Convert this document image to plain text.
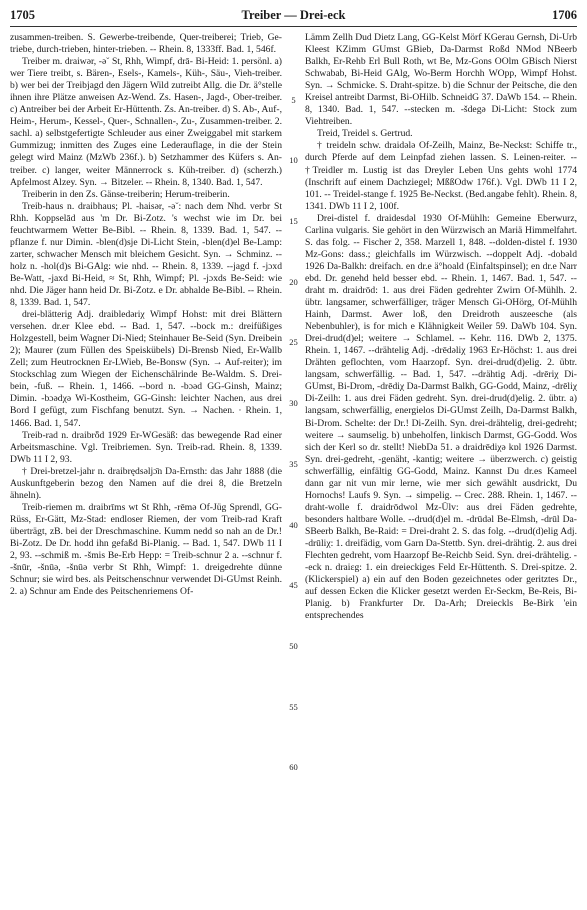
1705	Treiber — Drei-eck	1706

zusammen-treiben. S. Gewerbe-treibende, Quer-treiberei; Trieb, Ge-triebe, durch-trieben, hinter-trieben. -- Rhein. 8, 1333ff. Bad. 1, 546f.

Treiber m. draiwər, -ə˘ St, Rhh, Wimpf, drā- Bi-Heid: 1. persönl. a) wer Tiere treibt, s. Bären-, Esels-, Kamels-, Küh-, Säu-, Vieh-treiber. b) wer bei der Treibjagd den Jägern Wild zutreibt Allg. die Dr. ä°stelle ihnen ihre Plätze anweisen Az-Wend. Zs. Hasen-, Jagd-, Ober-treiber. c) Antreiber bei der Arbeit Er-Hüttenth. Zs. An-treiber. d) S. Ab-, Auf-, Heim-, Herum-, Kessel-, Quer-, Schnallen-, Zu-, Zusammen-treiber. 2. sachl. a) selbstgefertigte Schleuder aus einer Zweiggabel mit starkem Gummizug; inmitten des Zuges eine Lederauflage, in die der Stein gelegt wird Mainz (MzWb 236f.). b) Setzhammer des Küfers s. An-treiber. c) langer, weiter Männerrock s. Küh-treiber. d) (scherzh.) Apfelmost Alzey. Syn. → Bitzeler. -- Rhein. 8, 1340. Bad. 1, 547.

Treiberin in den Zs. Gänse-treiberin; Herum-treiberin.

Treib-haus n. draibhaus; Pl. -haisər, -ə˘: nach dem Nhd. verbr St Rhh. Koppselād aus 'm Dr. Bi-Zotz. 's wechst wie im Dr. bei feuchtwarmem Wetter Be-Bibl. -- Rhein. 8, 1339. Bad. 1, 547. --pflanze f. nur Dimin. -blen(d)sje Di-Licht Stein, -blen(d)el Be-Lamp: zarter, schwacher Mensch mit bleichem Gesicht. Syn. → Schminz. --holz n. -hol(d)s Bi-GAlg: wie nhd. -- Rhein. 8, 1339. --jagd f. -jɔxd Be-Watt, -jaxd Bi-Heid, ≈ St, Rhh, Wimpf; Pl. -jɔxds Be-Seid: wie nhd. Die Jäger hann heid Dr. Bi-Zotz. e Dr. abhalde Be-Bibl. -- Rhein. 8, 1339. Bad. 1, 547.

drei-blätterig Adj. draibledəriχ Wimpf Hohst: mit drei Blättern versehen. dr.er Klee ebd. -- Bad. 1, 547. --bock m.: dreifüßiges Holzgestell, beim Wagner Di-Nied; Steinhauer Be-Seid (Syn. Dreibein 2); Maurer (zum Füllen des Speiskübels) Di-Brensb Nied, Er-Wallb Zell; zum Heutrocknen Er-LWieb, Be-Bonsw (Syn. → Auf-reiter); im Stockschlag zum Wiegen der Eichenschälrinde Be-Waldm. S. Drei-bein, -fuß. -- Rhein. 1, 1466. --bord n. -bɔəd GG-Ginsh, Mainz; Dimin. -bɔədχə Wi-Kostheim, GG-Ginsh: leichter Nachen, aus drei Bord I gefügt, zum Fischfang benutzt. Syn. → Nachen. · Rhein. 1, 1466. Bad. 1, 547.

Treib-rad n. draibrȫd 1929 Er-WGesäß: das bewegende Rad einer Arbeitsmaschine. Vgl. Treibriemen. Syn. Treib-rad. Rhein. 8, 1339. DWb 11 I 2, 93.

† Drei-bretzel-jahr n. draibrędsəljɔ̄n Da-Ernsth: das Jahr 1888 (die Auskunftgeberin bezog den Namen auf die drei 8, die Bretzeln ähneln).

Treib-riemen m. draibrīms wt St Rhh, -rēmə Of-Jüg Sprendl, GG-Rüss, Er-Gätt, Mz-Stad: endloser Riemen, der vom Treib-rad Kraft überträgt, zB. bei der Dreschmaschine. Kumm nedd so nah an de Dr.! Bi-Zotz. De Dr. hodd ihn gefaßd Bi-Planig. -- Bad. 1, 547. DWb 11 I 2, 93. --schmiß m. -šmis Be-Erb Hepp: = Treib-schnur 2 a. --schnur f. -šnūr, -šnūə, -šnūə verbr St Rhh, Wimpf: 1. dreigedrehte dünne Schnur; sie wird bes. als Peitschenschnur verwendet Di-GUmst Reinh. 2. a) Schnur am Ende des Peitschenriemens Of-

5
10
15
20
25
30
35
40
45
50
55
60

Lämm Zellh Dud Dietz Lang, GG-Kelst Mörf KGerau Gernsh, Di-Urb Kleest KZimm GUmst GBieb, Da-Darmst Roßd NMod NBeerb Balkh, Er-Rehb Erl Bull Roth, wt Be, Mz-Gons OOlm GBisch Nierst Schwabab, Bi-Heid GAlg, Wo-Berm Horchh WOpp, Wimpf Hohst. Syn. → Schmicke. S. Draht-spitze. b) die Schnur der Peitsche, die den Kreisel antreibt Darmst, Bi-OHilb. SchneidG 37. DaWb 154. -- Rhein. 8, 1340. Bad. 1, 547. --stecken m. -šdegə Di-Licht: Stock zum Viehtreiben.

Treid, Treidel s. Gertrud.

† treideln schw. draidələ Of-Zeilh, Mainz, Be-Neckst: Schiffe tr., durch Pferde auf dem Leinpfad ziehen lassen. S. Leinen-reiter. -- †Treidler m. Lustig ist das Dreyler Leben Uns gehts wohl 1774 (Inschrift auf einem Dachziegel; MßßOdw 176f.). Vgl. DWb 11 I 2, 101. -- Treidel-stange f. 1925 Be-Neckst. (Bed.angabe fehlt). Rhein. 8, 1341. DWb 11 I 2, 100f.

Drei-distel f. draidesdəl 1930 Of-Mühlh: Gemeine Eberwurz, Carlina vulgaris. Sie gehört in den Würzwisch an Mariä Himmelfahrt. S. das folg. -- Fischer 2, 358. Marzell 1, 848. --dolden-distel f. 1930 Mz-Gons: dass.; gleichfalls im Würzwisch. --doppelt Adj. -dobəld 1926 Da-Balkh: dreifach. en dr.e ä°hoald (Einfaltspinsel); en dr.e Narr ebd. Dr. genehd held besser ebd. -- Rhein. 1, 1467. Bad. 1, 547. --draht m. draidrōd: 1. aus drei Fäden gedrehter Zwirn Of-Mühlh. 2. übtr. langsamer, schwerfälliger, träger Mensch Gi-OHörg, Of-Mühlh Hainh, Darmst. Awer loß, den Dreidroth auszeesche (als Nebenbuhler), is for mich e Klähnigkeit Weiler 59. DaWb 104. Syn. Drei-drud(d)el; weitere → Schlamel. -- Kehr. 116. DWb 2, 1375. Rhein. 1, 1467. --drähtelig Adj. -drēdəliχ 1963 Er-Höchst: 1. aus drei Drähten geflochten, vom Haarzopf. Syn. drei-drud(d)elig. 2. übtr. langsam, schwerfällig. -- Bad. 1, 547. --drähtig Adj. -drēriχ Di-GUmst, Bi-Drom, -drēdiχ Da-Darmst Balkh, GG-Godd, Mainz, -drēliχ Di-Zeilh: 1. aus drei Fäden gedreht. Syn. drei-drud(d)elig. 2. übtr. a) langsam, schwerfällig, energielos Di-GUmst Zeilh, Da-Darmst Balkh, Bi-Drom. Schelte: der Dr.! Di-Zeilh. Syn. drei-drähtelig, drei-gedreht; weitere → saumselig. b) unbeholfen, linkisch Darmst, GG-Godd. Wos sich der Kerl so dr. stellt! NiebDa 51. ə draidrēdiχə kɒl 1926 Darmst. Syn. drei-gedreht, -genäht, -kantig; weitere → überzwerch. c) geistig schwerfällig, einfältig GG-Godd, Mainz. Kannst Du dr.es Kameel dann gar nit vun mir lerne, wie mer sich gewählt ausdrickt, Du Hornochs! Laufs 9. Syn. → simpelig. -- Crec. 288. Rhein. 1, 1467. --draht-wolle f. draidrōdwol Mz-Ülv: aus drei Fäden gedrehte, besonders haltbare Wolle. --drud(d)el m. -drūdəl Be-Elmsh, -drūl Da-SBeerb Balkh, Be-Raid: = Drei-draht 2. S. das folg. --drud(d)elig Adj. -drūliχ: 1. dreifädig, vom Garn Da-Stettb. Syn. drei-drähtig. 2. aus drei Flechten gedreht, vom Haarzopf Be-Reichb Seid. Syn. drei-drähtelig. --eck n. draiεg: 1. ein dreieckiges Feld Er-Hüttenth. S. Drei-spitze. 2. (Klickerspiel) a) ein auf den Boden gezeichnetes oder geritztes Dr., auf dessen Ecken die Klicker gesetzt werden Er-Seckm, Be-Reis, Bi-Planig. b) Frankfurter Dr. Da-Arh; Dreieckls Be-Birk 'ein entsprechendes
